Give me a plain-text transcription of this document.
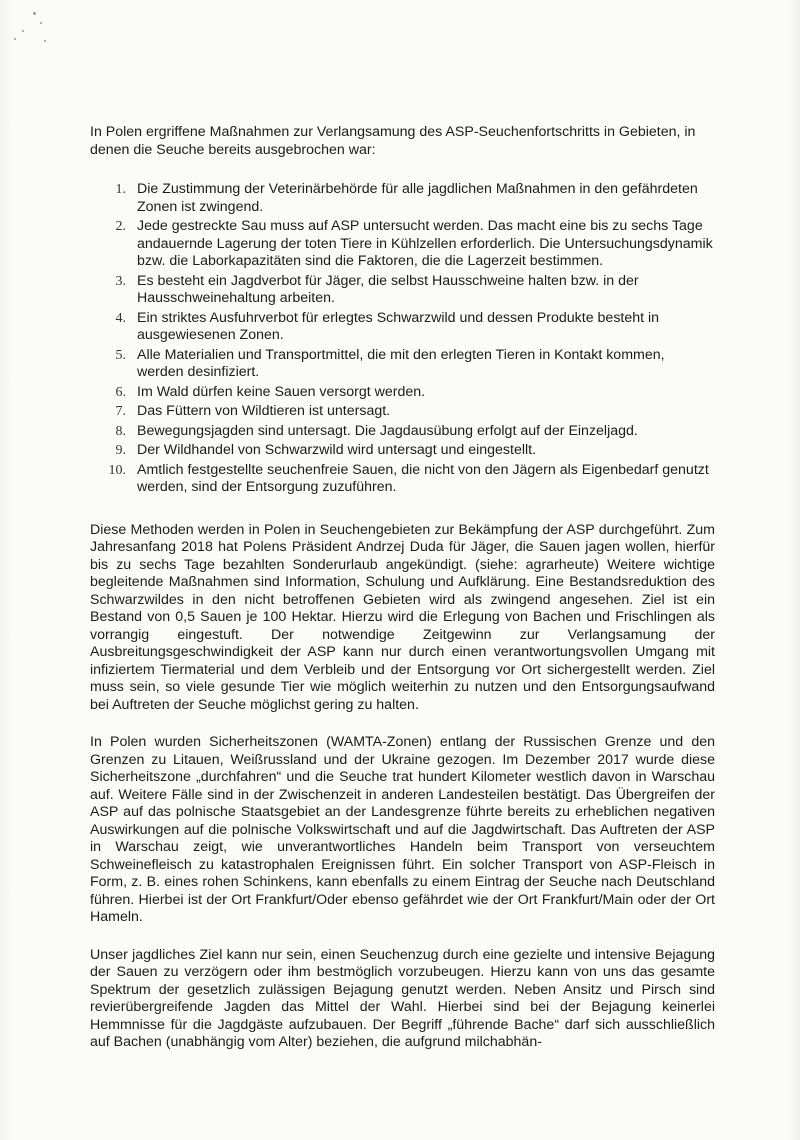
In Polen ergriffene Maßnahmen zur Verlangsamung des ASP-Seuchenfortschritts in Gebieten, in denen die Seuche bereits ausgebrochen war:

1. Die Zustimmung der Veterinärbehörde für alle jagdlichen Maßnahmen in den gefährdeten Zonen ist zwingend.
2. Jede gestreckte Sau muss auf ASP untersucht werden. Das macht eine bis zu sechs Tage andauernde Lagerung der toten Tiere in Kühlzellen erforderlich. Die Untersuchungsdynamik bzw. die Laborkapazitäten sind die Faktoren, die die Lagerzeit bestimmen.
3. Es besteht ein Jagdverbot für Jäger, die selbst Hausschweine halten bzw. in der Hausschweinehaltung arbeiten.
4. Ein striktes Ausfuhrverbot für erlegtes Schwarzwild und dessen Produkte besteht in ausgewiesenen Zonen.
5. Alle Materialien und Transportmittel, die mit den erlegten Tieren in Kontakt kommen, werden desinfiziert.
6. Im Wald dürfen keine Sauen versorgt werden.
7. Das Füttern von Wildtieren ist untersagt.
8. Bewegungsjagden sind untersagt. Die Jagdausübung erfolgt auf der Einzeljagd.
9. Der Wildhandel von Schwarzwild wird untersagt und eingestellt.
10. Amtlich festgestellte seuchenfreie Sauen, die nicht von den Jägern als Eigenbedarf genutzt werden, sind der Entsorgung zuzuführen.

Diese Methoden werden in Polen in Seuchengebieten zur Bekämpfung der ASP durchgeführt. Zum Jahresanfang 2018 hat Polens Präsident Andrzej Duda für Jäger, die Sauen jagen wollen, hierfür bis zu sechs Tage bezahlten Sonderurlaub angekündigt. (siehe: agrarheute) Weitere wichtige begleitende Maßnahmen sind Information, Schulung und Aufklärung. Eine Bestandsreduktion des Schwarzwildes in den nicht betroffenen Gebieten wird als zwingend angesehen. Ziel ist ein Bestand von 0,5 Sauen je 100 Hektar. Hierzu wird die Erlegung von Bachen und Frischlingen als vorrangig eingestuft. Der notwendige Zeitgewinn zur Verlangsamung der Ausbreitungsgeschwindigkeit der ASP kann nur durch einen verantwortungsvollen Umgang mit infiziertem Tiermaterial und dem Verbleib und der Entsorgung vor Ort sichergestellt werden. Ziel muss sein, so viele gesunde Tier wie möglich weiterhin zu nutzen und den Entsorgungsaufwand bei Auftreten der Seuche möglichst gering zu halten.

In Polen wurden Sicherheitszonen (WAMTA-Zonen) entlang der Russischen Grenze und den Grenzen zu Litauen, Weißrussland und der Ukraine gezogen. Im Dezember 2017 wurde diese Sicherheitszone „durchfahren“ und die Seuche trat hundert Kilometer westlich davon in Warschau auf. Weitere Fälle sind in der Zwischenzeit in anderen Landesteilen bestätigt. Das Übergreifen der ASP auf das polnische Staatsgebiet an der Landesgrenze führte bereits zu erheblichen negativen Auswirkungen auf die polnische Volkswirtschaft und auf die Jagdwirtschaft. Das Auftreten der ASP in Warschau zeigt, wie unverantwortliches Handeln beim Transport von verseuchtem Schweinefleisch zu katastrophalen Ereignissen führt. Ein solcher Transport von ASP-Fleisch in Form, z. B. eines rohen Schinkens, kann ebenfalls zu einem Eintrag der Seuche nach Deutschland führen. Hierbei ist der Ort Frankfurt/Oder ebenso gefährdet wie der Ort Frankfurt/Main oder der Ort Hameln.

Unser jagdliches Ziel kann nur sein, einen Seuchenzug durch eine gezielte und intensive Bejagung der Sauen zu verzögern oder ihm bestmöglich vorzubeugen. Hierzu kann von uns das gesamte Spektrum der gesetzlich zulässigen Bejagung genutzt werden. Neben Ansitz und Pirsch sind revierübergreifende Jagden das Mittel der Wahl. Hierbei sind bei der Bejagung keinerlei Hemmnisse für die Jagdgäste aufzubauen. Der Begriff „führende Bache“ darf sich ausschließlich auf Bachen (unabhängig vom Alter) beziehen, die aufgrund milchabhän-
